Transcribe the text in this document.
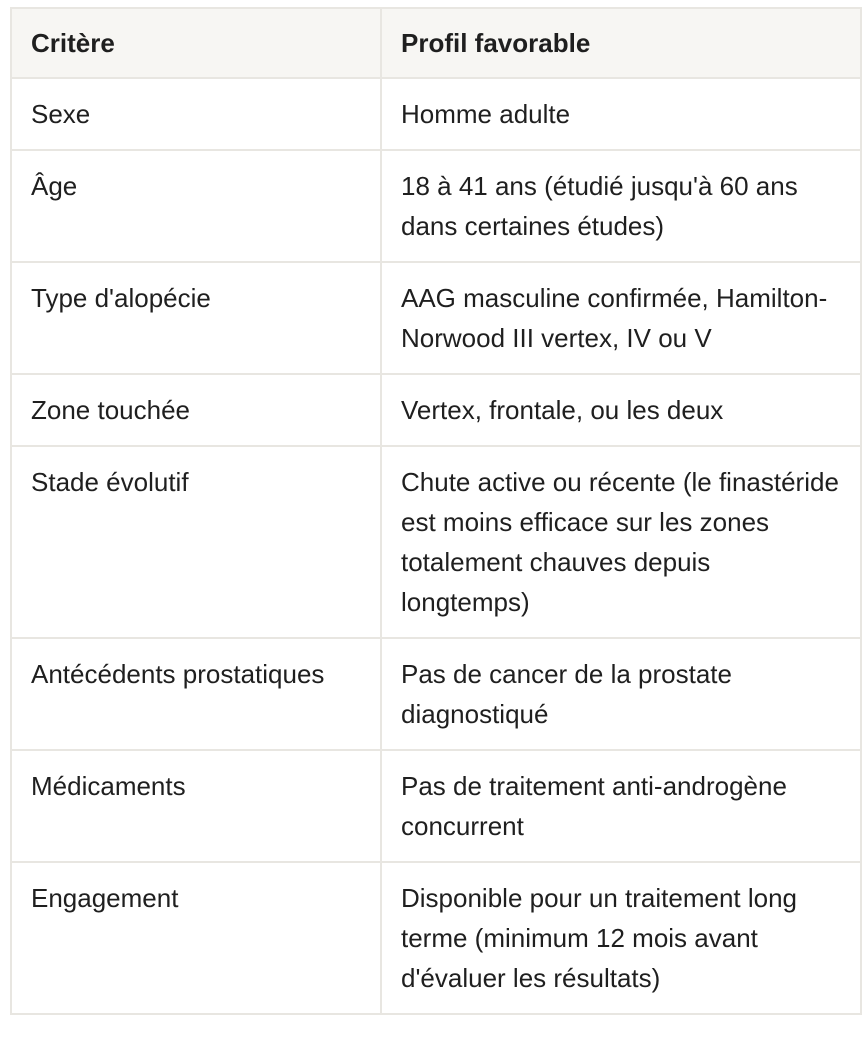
Critère	Profil favorable
Sexe	Homme adulte
Âge	18 à 41 ans (étudié jusqu'à 60 ans dans certaines études)
Type d'alopécie	AAG masculine confirmée, Hamilton-Norwood III vertex, IV ou V
Zone touchée	Vertex, frontale, ou les deux
Stade évolutif	Chute active ou récente (le finastéride est moins efficace sur les zones totalement chauves depuis longtemps)
Antécédents prostatiques	Pas de cancer de la prostate diagnostiqué
Médicaments	Pas de traitement anti-androgène concurrent
Engagement	Disponible pour un traitement long terme (minimum 12 mois avant d'évaluer les résultats)
